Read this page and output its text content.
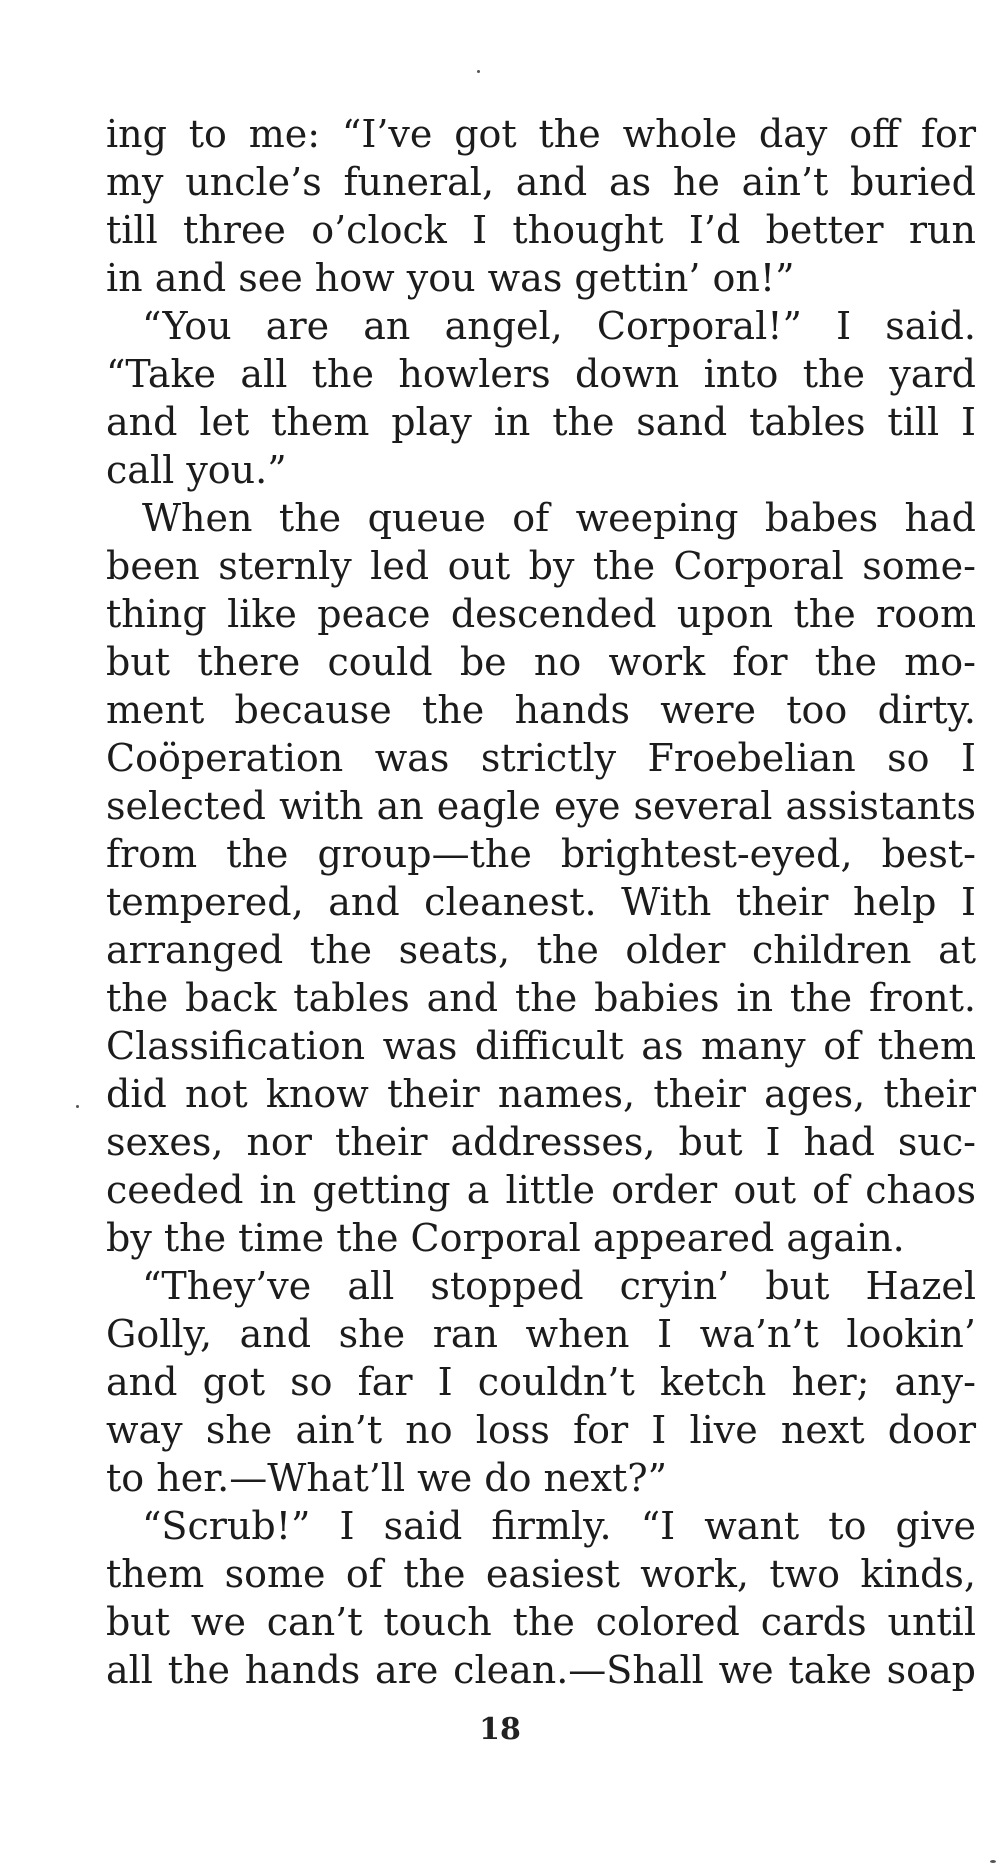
ing to me: “I’ve got the whole day off for
my uncle’s funeral, and as he ain’t buried
till three o’clock I thought I’d better run
in and see how you was gettin’ on!”

“You are an angel, Corporal!” I said.
“Take all the howlers down into the yard
and let them play in the sand tables till I
call you.”

When the queue of weeping babes had
been sternly led out by the Corporal some-
thing like peace descended upon the room
but there could be no work for the mo-
ment because the hands were too dirty.
Coöperation was strictly Froebelian so I
selected with an eagle eye several assistants
from the group—the brightest-eyed, best-
tempered, and cleanest. With their help I
arranged the seats, the older children at
the back tables and the babies in the front.
Classification was difficult as many of them
did not know their names, their ages, their
sexes, nor their addresses, but I had suc-
ceeded in getting a little order out of chaos
by the time the Corporal appeared again.

“They’ve all stopped cryin’ but Hazel
Golly, and she ran when I wa’n’t lookin’
and got so far I couldn’t ketch her; any-
way she ain’t no loss for I live next door
to her.—What’ll we do next?”

“Scrub!” I said firmly. “I want to give
them some of the easiest work, two kinds,
but we can’t touch the colored cards until
all the hands are clean.—Shall we take soap

18
